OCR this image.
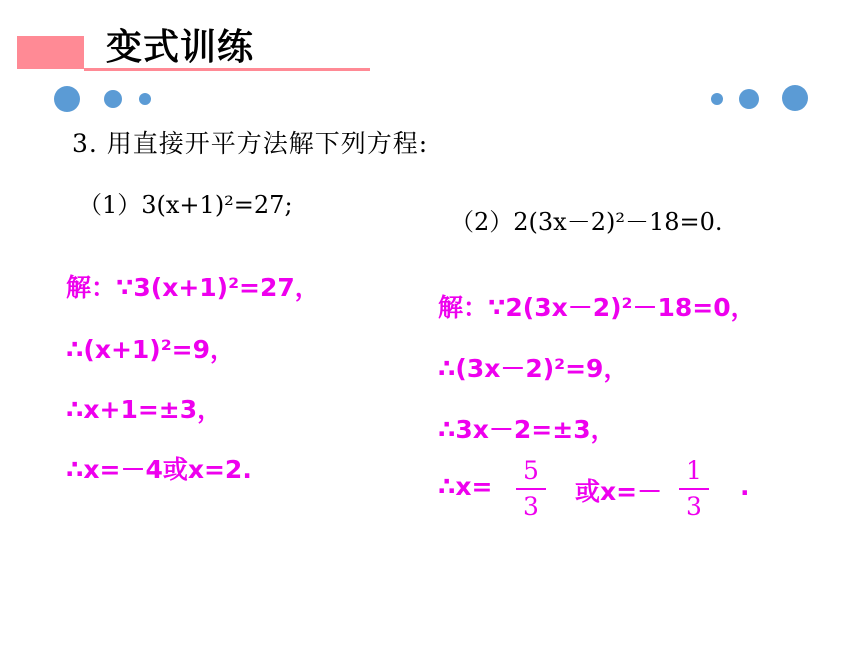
变式训练
3. 用直接开平方法解下列方程:
（1）3(x+1)²=27;
（2）2(3x－2)²－18=0.
解：∵3(x+1)²=27，
∴(x+1)²=9，
∴x+1=±3，
∴x=－4或x=2.
解：∵2(3x－2)²－18=0，
∴(3x－2)²=9，
∴3x－2=±3，
∴x=
5
3
或x=－
1
3
.
